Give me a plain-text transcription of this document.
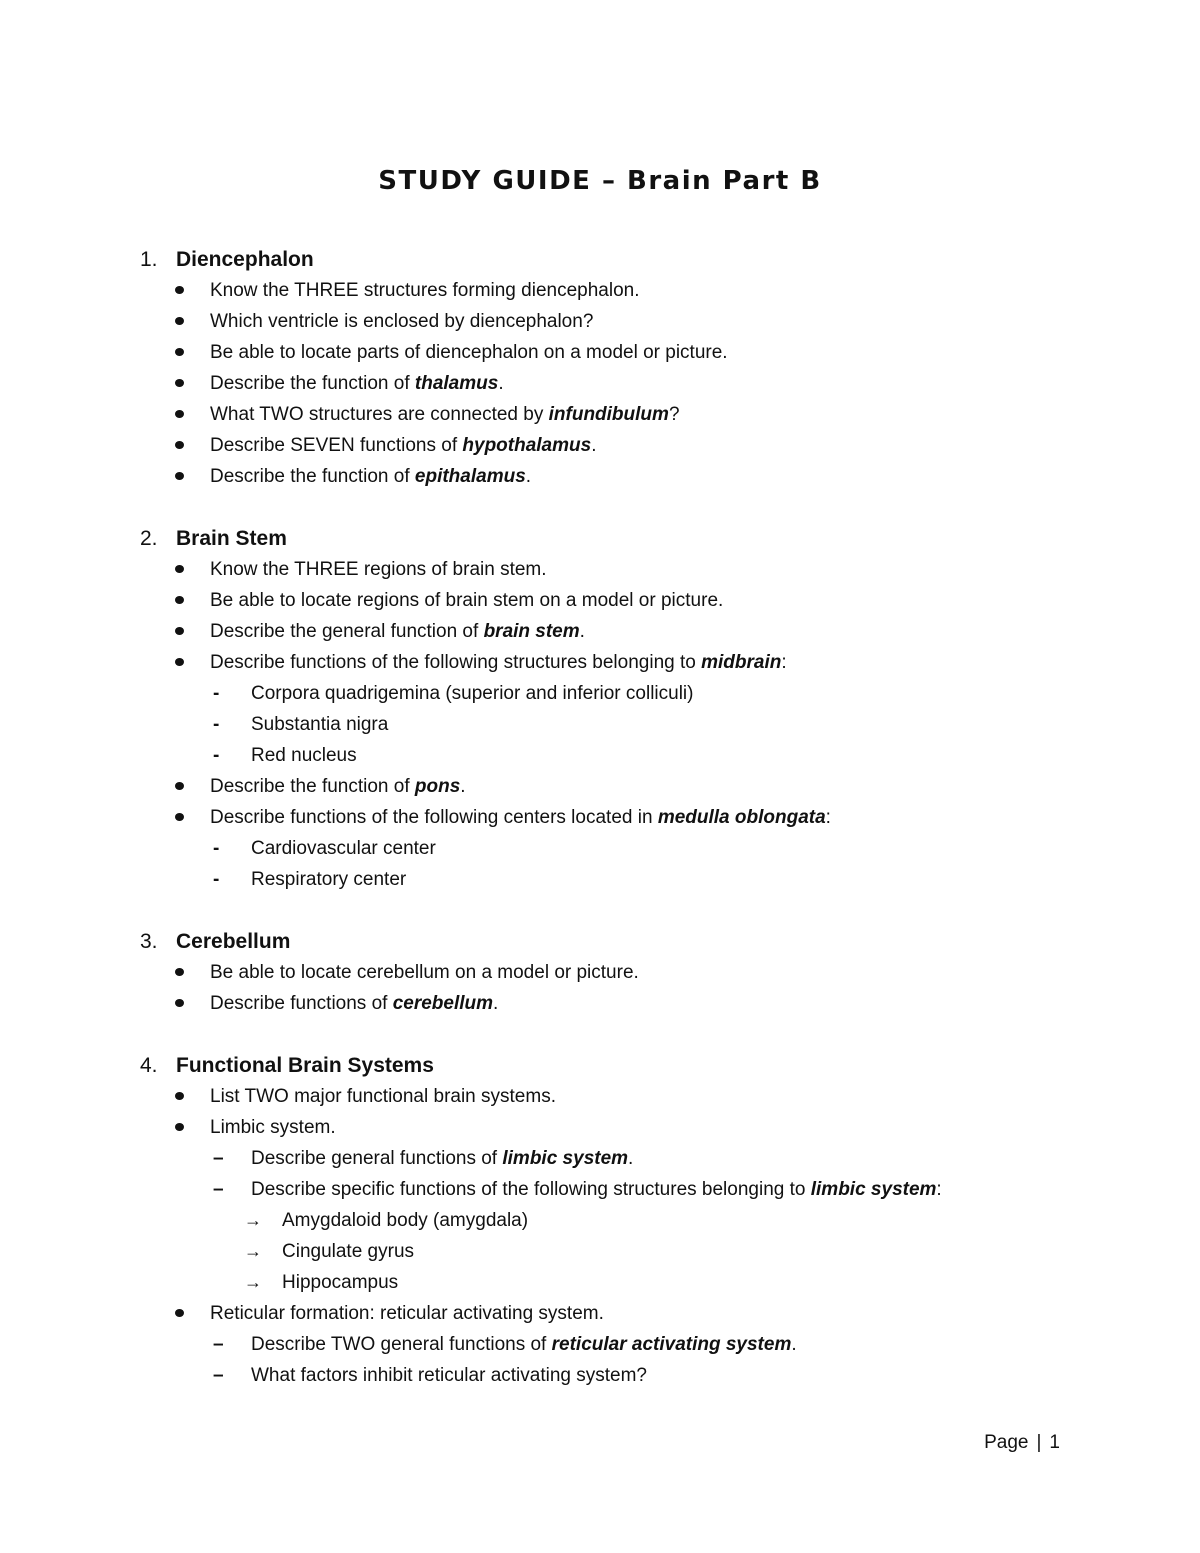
STUDY GUIDE – Brain Part B
1. Diencephalon
Know the THREE structures forming diencephalon.
Which ventricle is enclosed by diencephalon?
Be able to locate parts of diencephalon on a model or picture.
Describe the function of thalamus.
What TWO structures are connected by infundibulum?
Describe SEVEN functions of hypothalamus.
Describe the function of epithalamus.
2. Brain Stem
Know the THREE regions of brain stem.
Be able to locate regions of brain stem on a model or picture.
Describe the general function of brain stem.
Describe functions of the following structures belonging to midbrain:
-	Corpora quadrigemina (superior and inferior colliculi)
-	Substantia nigra
-	Red nucleus
Describe the function of pons.
Describe functions of the following centers located in medulla oblongata:
-	Cardiovascular center
-	Respiratory center
3. Cerebellum
Be able to locate cerebellum on a model or picture.
Describe functions of cerebellum.
4. Functional Brain Systems
List TWO major functional brain systems.
Limbic system.
–	Describe general functions of limbic system.
–	Describe specific functions of the following structures belonging to limbic system:
→	Amygdaloid body (amygdala)
→	Cingulate gyrus
→	Hippocampus
Reticular formation: reticular activating system.
–	Describe TWO general functions of reticular activating system.
–	What factors inhibit reticular activating system?
Page | 1
